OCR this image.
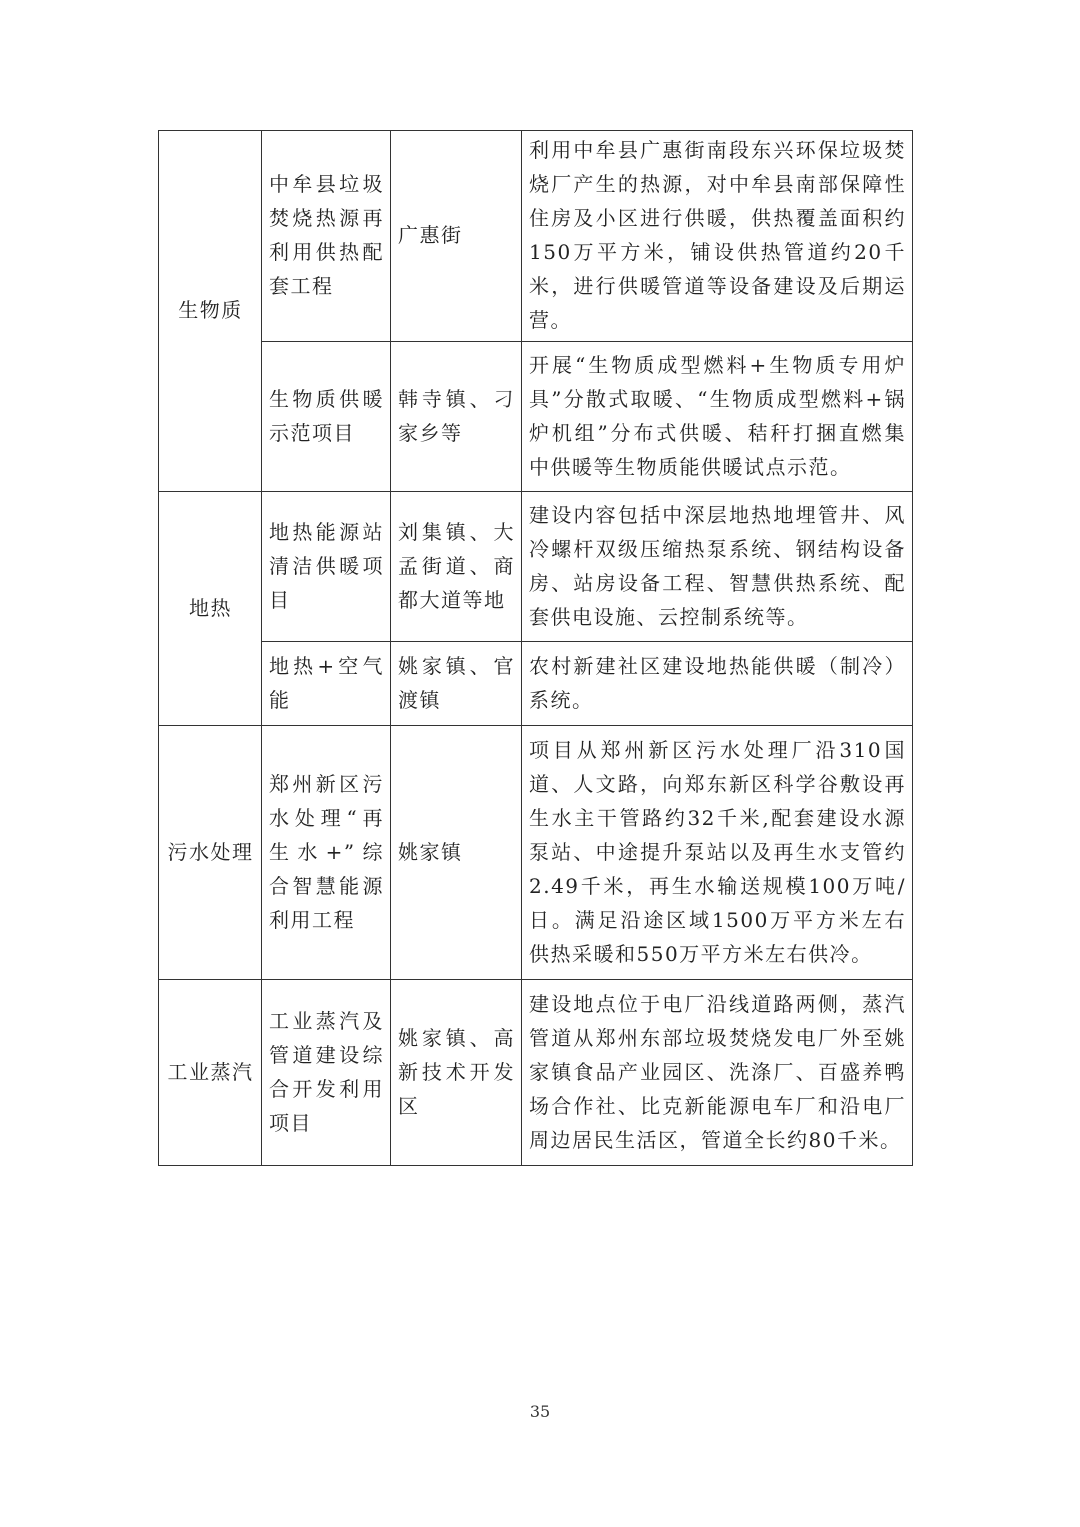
生物质	中牟县垃圾焚烧热源再利用供热配套工程	广惠街	利用中牟县广惠街南段东兴环保垃圾焚烧厂产生的热源，对中牟县南部保障性住房及小区进行供暖，供热覆盖面积约150万平方米，铺设供热管道约20千米，进行供暖管道等设备建设及后期运营。
	生物质供暖示范项目	韩寺镇、刁家乡等	开展“生物质成型燃料+生物质专用炉具”分散式取暖、“生物质成型燃料+锅炉机组”分布式供暖、秸秆打捆直燃集中供暖等生物质能供暖试点示范。
地热	地热能源站清洁供暖项目	刘集镇、大孟街道、商都大道等地	建设内容包括中深层地热地埋管井、风冷螺杆双级压缩热泵系统、钢结构设备房、站房设备工程、智慧供热系统、配套供电设施、云控制系统等。
	地热+空气能	姚家镇、官渡镇	农村新建社区建设地热能供暖（制冷）系统。
污水处理	郑州新区污水处理“再生水+”综合智慧能源利用工程	姚家镇	项目从郑州新区污水处理厂沿310国道、人文路，向郑东新区科学谷敷设再生水主干管路约32千米,配套建设水源泵站、中途提升泵站以及再生水支管约2.49千米，再生水输送规模100万吨/日。满足沿途区域1500万平方米左右供热采暖和550万平方米左右供冷。
工业蒸汽	工业蒸汽及管道建设综合开发利用项目	姚家镇、高新技术开发区	建设地点位于电厂沿线道路两侧，蒸汽管道从郑州东部垃圾焚烧发电厂外至姚家镇食品产业园区、洗涤厂、百盛养鸭场合作社、比克新能源电车厂和沿电厂周边居民生活区，管道全长约80千米。
35
